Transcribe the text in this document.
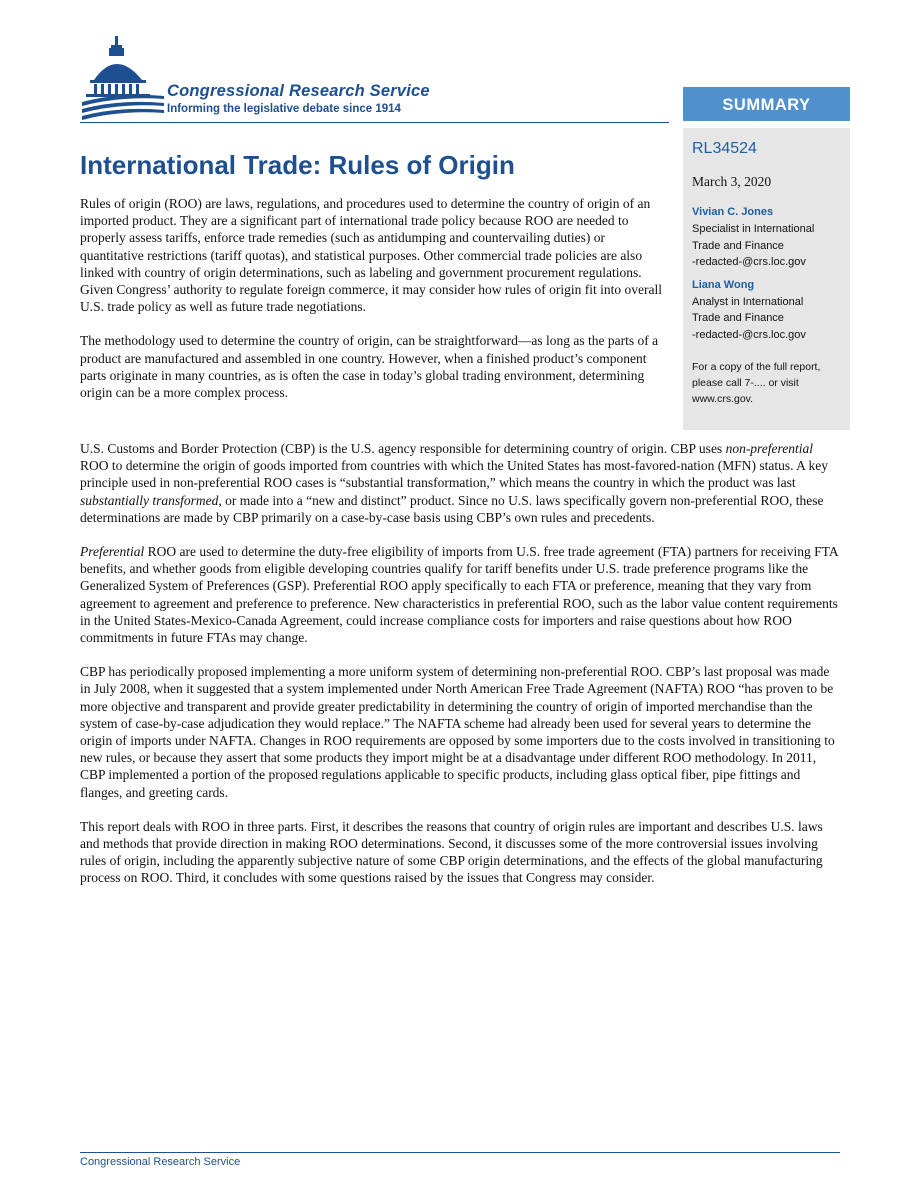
Congressional Research Service
Informing the legislative debate since 1914	SUMMARY
RL34524
March 3, 2020
Vivian C. Jones
Specialist in International
Trade and Finance
-redacted-@crs.loc.gov
Liana Wong
Analyst in International
Trade and Finance
-redacted-@crs.loc.gov
For a copy of the full report,
please call 7-.... or visit
www.crs.gov.
International Trade: Rules of Origin

Rules of origin (ROO) are laws, regulations, and procedures used to determine the country of origin of an imported product. They are a significant part of international trade policy because ROO are needed to properly assess tariffs, enforce trade remedies (such as antidumping and countervailing duties) or quantitative restrictions (tariff quotas), and statistical purposes. Other commercial trade policies are also linked with country of origin determinations, such as labeling and government procurement regulations. Given Congress’ authority to regulate foreign commerce, it may consider how rules of origin fit into overall U.S. trade policy as well as future trade negotiations.

The methodology used to determine the country of origin, can be straightforward—as long as the parts of a product are manufactured and assembled in one country. However, when a finished product’s component parts originate in many countries, as is often the case in today’s global trading environment, determining origin can be a more complex process.

U.S. Customs and Border Protection (CBP) is the U.S. agency responsible for determining country of origin. CBP uses non-preferential ROO to determine the origin of goods imported from countries with which the United States has most-favored-nation (MFN) status. A key principle used in non-preferential ROO cases is “substantial transformation,” which means the country in which the product was last substantially transformed, or made into a “new and distinct” product. Since no U.S. laws specifically govern non-preferential ROO, these determinations are made by CBP primarily on a case-by-case basis using CBP’s own rules and precedents.

Preferential ROO are used to determine the duty-free eligibility of imports from U.S. free trade agreement (FTA) partners for receiving FTA benefits, and whether goods from eligible developing countries qualify for tariff benefits under U.S. trade preference programs like the Generalized System of Preferences (GSP). Preferential ROO apply specifically to each FTA or preference, meaning that they vary from agreement to agreement and preference to preference. New characteristics in preferential ROO, such as the labor value content requirements in the United States-Mexico-Canada Agreement, could increase compliance costs for importers and raise questions about how ROO commitments in future FTAs may change.

CBP has periodically proposed implementing a more uniform system of determining non-preferential ROO. CBP’s last proposal was made in July 2008, when it suggested that a system implemented under North American Free Trade Agreement (NAFTA) ROO “has proven to be more objective and transparent and provide greater predictability in determining the country of origin of imported merchandise than the system of case-by-case adjudication they would replace.” The NAFTA scheme had already been used for several years to determine the origin of imports under NAFTA. Changes in ROO requirements are opposed by some importers due to the costs involved in transitioning to new rules, or because they assert that some products they import might be at a disadvantage under different ROO methodology. In 2011, CBP implemented a portion of the proposed regulations applicable to specific products, including glass optical fiber, pipe fittings and flanges, and greeting cards.

This report deals with ROO in three parts. First, it describes the reasons that country of origin rules are important and describes U.S. laws and methods that provide direction in making ROO determinations. Second, it discusses some of the more controversial issues involving rules of origin, including the apparently subjective nature of some CBP origin determinations, and the effects of the global manufacturing process on ROO. Third, it concludes with some questions raised by the issues that Congress may consider.

Congressional Research Service
